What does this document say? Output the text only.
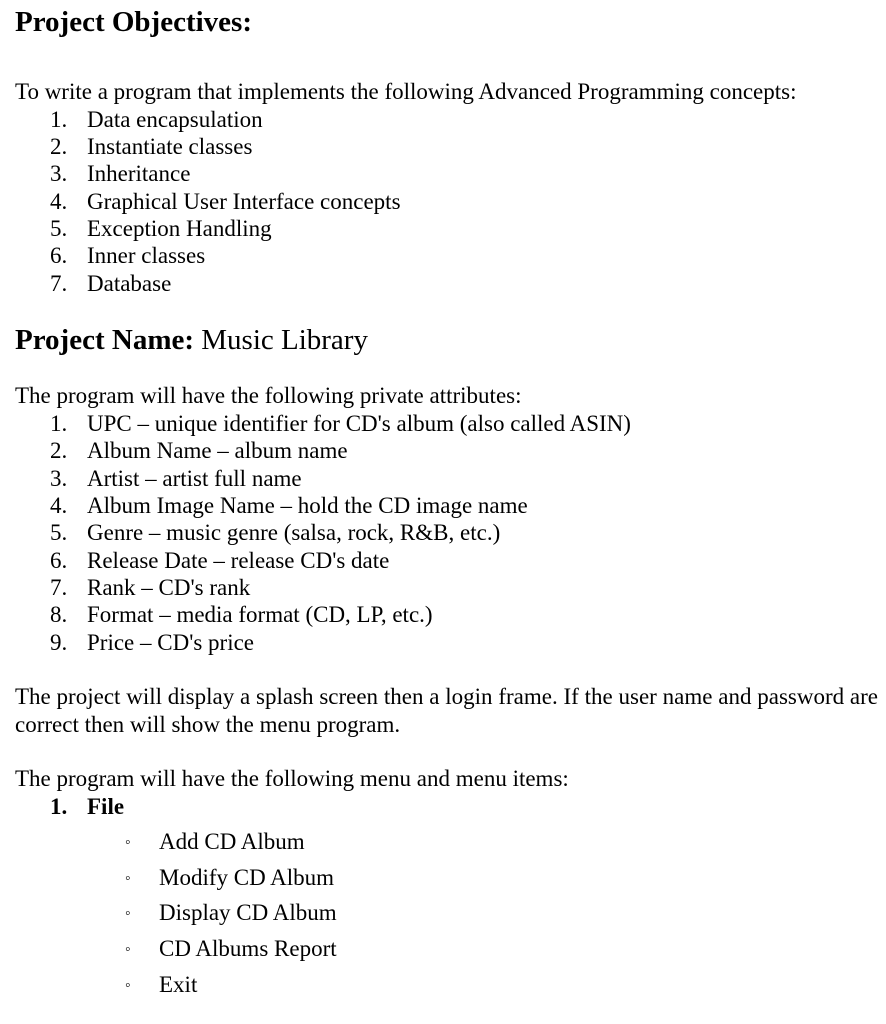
Project Objectives:

To write a program that implements the following Advanced Programming concepts:

1. Data encapsulation
2. Instantiate classes
3. Inheritance
4. Graphical User Interface concepts
5. Exception Handling
6. Inner classes
7. Database
Project Name: Music Library

The program will have the following private attributes:

1. UPC – unique identifier for CD's album (also called ASIN)
2. Album Name – album name
3. Artist – artist full name
4. Album Image Name – hold the CD image name
5. Genre – music genre (salsa, rock, R&B, etc.)
6. Release Date – release CD's date
7. Rank – CD's rank
8. Format – media format (CD, LP, etc.)
9. Price – CD's price

The project will display a splash screen then a login frame. If the user name and password are correct then will show the menu program.

The program will have the following menu and menu items:

1. File
◦ Add CD Album
◦ Modify CD Album
◦ Display CD Album
◦ CD Albums Report
◦ Exit
